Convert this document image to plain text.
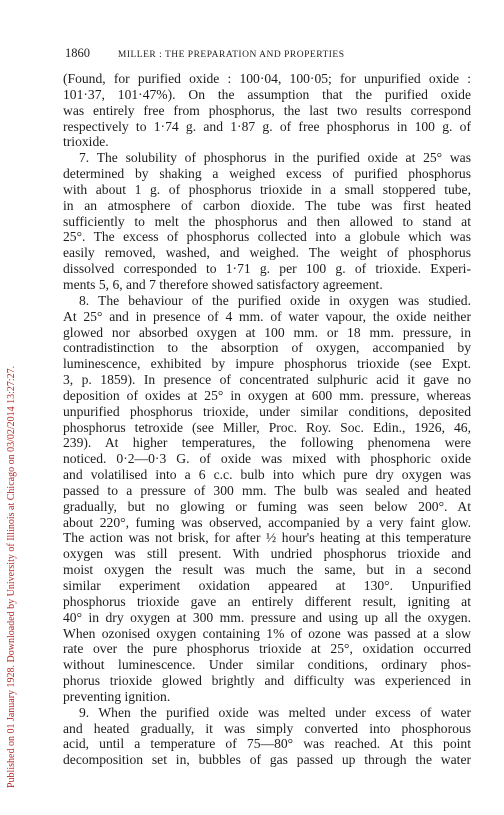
1860	MILLER : THE PREPARATION AND PROPERTIES
Published on 01 January 1928. Downloaded by University of Illinois at Chicago on 03/02/2014 13:27:27.
(Found, for purified oxide : 100·04, 100·05; for unpurified oxide :
101·37, 101·47%). On the assumption that the purified oxide
was entirely free from phosphorus, the last two results correspond
respectively to 1·74 g. and 1·87 g. of free phosphorus in 100 g. of
trioxide.
7. The solubility of phosphorus in the purified oxide at 25° was
determined by shaking a weighed excess of purified phosphorus
with about 1 g. of phosphorus trioxide in a small stoppered tube,
in an atmosphere of carbon dioxide. The tube was first heated
sufficiently to melt the phosphorus and then allowed to stand at
25°. The excess of phosphorus collected into a globule which was
easily removed, washed, and weighed. The weight of phosphorus
dissolved corresponded to 1·71 g. per 100 g. of trioxide. Experi-
ments 5, 6, and 7 therefore showed satisfactory agreement.
8. The behaviour of the purified oxide in oxygen was studied.
At 25° and in presence of 4 mm. of water vapour, the oxide neither
glowed nor absorbed oxygen at 100 mm. or 18 mm. pressure, in
contradistinction to the absorption of oxygen, accompanied by
luminescence, exhibited by impure phosphorus trioxide (see Expt.
3, p. 1859). In presence of concentrated sulphuric acid it gave no
deposition of oxides at 25° in oxygen at 600 mm. pressure, whereas
unpurified phosphorus trioxide, under similar conditions, deposited
phosphorus tetroxide (see Miller, Proc. Roy. Soc. Edin., 1926, 46,
239). At higher temperatures, the following phenomena were
noticed. 0·2—0·3 G. of oxide was mixed with phosphoric oxide
and volatilised into a 6 c.c. bulb into which pure dry oxygen was
passed to a pressure of 300 mm. The bulb was sealed and heated
gradually, but no glowing or fuming was seen below 200°. At
about 220°, fuming was observed, accompanied by a very faint glow.
The action was not brisk, for after ½ hour's heating at this temperature
oxygen was still present. With undried phosphorus trioxide and
moist oxygen the result was much the same, but in a second
similar experiment oxidation appeared at 130°. Unpurified
phosphorus trioxide gave an entirely different result, igniting at
40° in dry oxygen at 300 mm. pressure and using up all the oxygen.
When ozonised oxygen containing 1% of ozone was passed at a slow
rate over the pure phosphorus trioxide at 25°, oxidation occurred
without luminescence. Under similar conditions, ordinary phos-
phorus trioxide glowed brightly and difficulty was experienced in
preventing ignition.
9. When the purified oxide was melted under excess of water
and heated gradually, it was simply converted into phosphorous
acid, until a temperature of 75—80° was reached. At this point
decomposition set in, bubbles of gas passed up through the water
